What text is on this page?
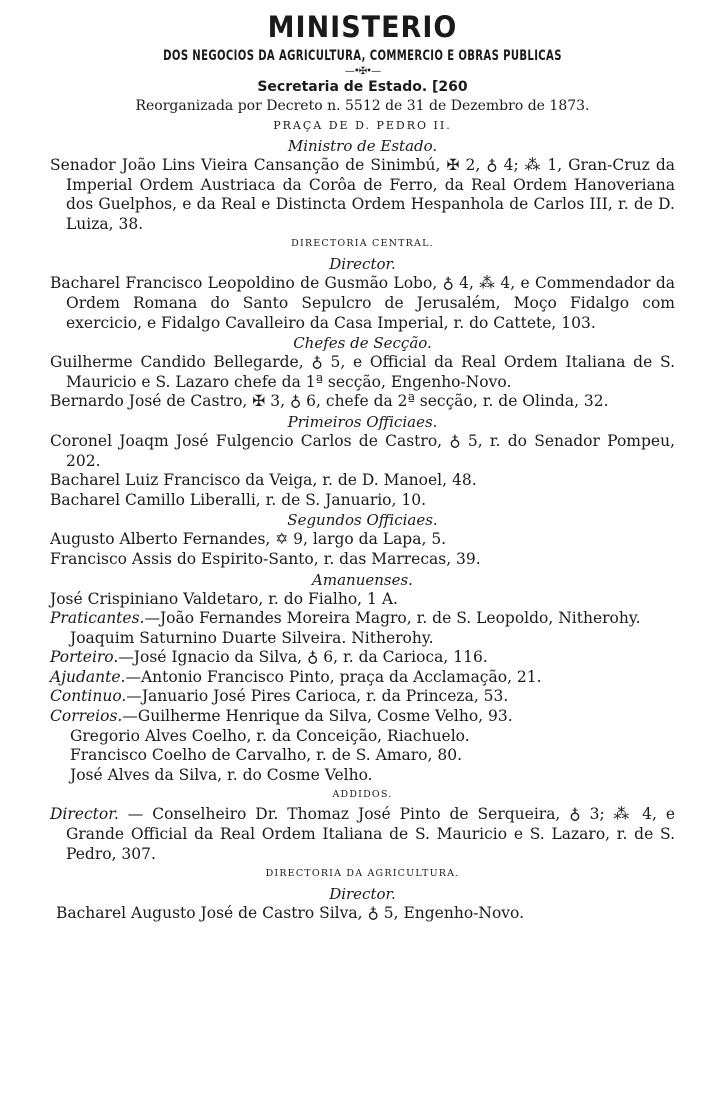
MINISTERIO
DOS NEGOCIOS DA AGRICULTURA, COMMERCIO E OBRAS PUBLICAS
—•✠•—
Secretaria de Estado. [260
Reorganizada por Decreto n. 5512 de 31 de Dezembro de 1873.
PRAÇA DE D. PEDRO II.
Ministro de Estado.
Senador João Lins Vieira Cansanção de Sinimbú, ✠ 2, ♁ 4; ⁂ 1, Gran-Cruz da Imperial Ordem Austriaca da Corôa de Ferro, da Real Ordem Hanoveriana dos Guelphos, e da Real e Distincta Ordem Hespanhola de Carlos III, r. de D. Luiza, 38.
DIRECTORIA CENTRAL.
Director.
Bacharel Francisco Leopoldino de Gusmão Lobo, ♁ 4, ⁂ 4, e Commendador da Ordem Romana do Santo Sepulcro de Jerusalém, Moço Fidalgo com exercicio, e Fidalgo Cavalleiro da Casa Imperial, r. do Cattete, 103.
Chefes de Secção.
Guilherme Candido Bellegarde, ♁ 5, e Official da Real Ordem Italiana de S. Mauricio e S. Lazaro chefe da 1ª secção, Engenho-Novo.
Bernardo José de Castro, ✠ 3, ♁ 6, chefe da 2ª secção, r. de Olinda, 32.
Primeiros Officiaes.
Coronel Joaqm José Fulgencio Carlos de Castro, ♁ 5, r. do Senador Pompeu, 202.
Bacharel Luiz Francisco da Veiga, r. de D. Manoel, 48.
Bacharel Camillo Liberalli, r. de S. Januario, 10.
Segundos Officiaes.
Augusto Alberto Fernandes, ✡ 9, largo da Lapa, 5.
Francisco Assis do Espirito-Santo, r. das Marrecas, 39.
Amanuenses.
José Crispiniano Valdetaro, r. do Fialho, 1 A.
Praticantes.—João Fernandes Moreira Magro, r. de S. Leopoldo, Nitherohy.
Joaquim Saturnino Duarte Silveira. Nitherohy.
Porteiro.—José Ignacio da Silva, ♁ 6, r. da Carioca, 116.
Ajudante.—Antonio Francisco Pinto, praça da Acclamação, 21.
Continuo.—Januario José Pires Carioca, r. da Princeza, 53.
Correios.—Guilherme Henrique da Silva, Cosme Velho, 93.
Gregorio Alves Coelho, r. da Conceição, Riachuelo.
Francisco Coelho de Carvalho, r. de S. Amaro, 80.
José Alves da Silva, r. do Cosme Velho.
ADDIDOS.
Director. — Conselheiro Dr. Thomaz José Pinto de Serqueira, ♁ 3; ⁂ 4, e Grande Official da Real Ordem Italiana de S. Mauricio e S. Lazaro, r. de S. Pedro, 307.
DIRECTORIA DA AGRICULTURA.
Director.
Bacharel Augusto José de Castro Silva, ♁ 5, Engenho-Novo.
